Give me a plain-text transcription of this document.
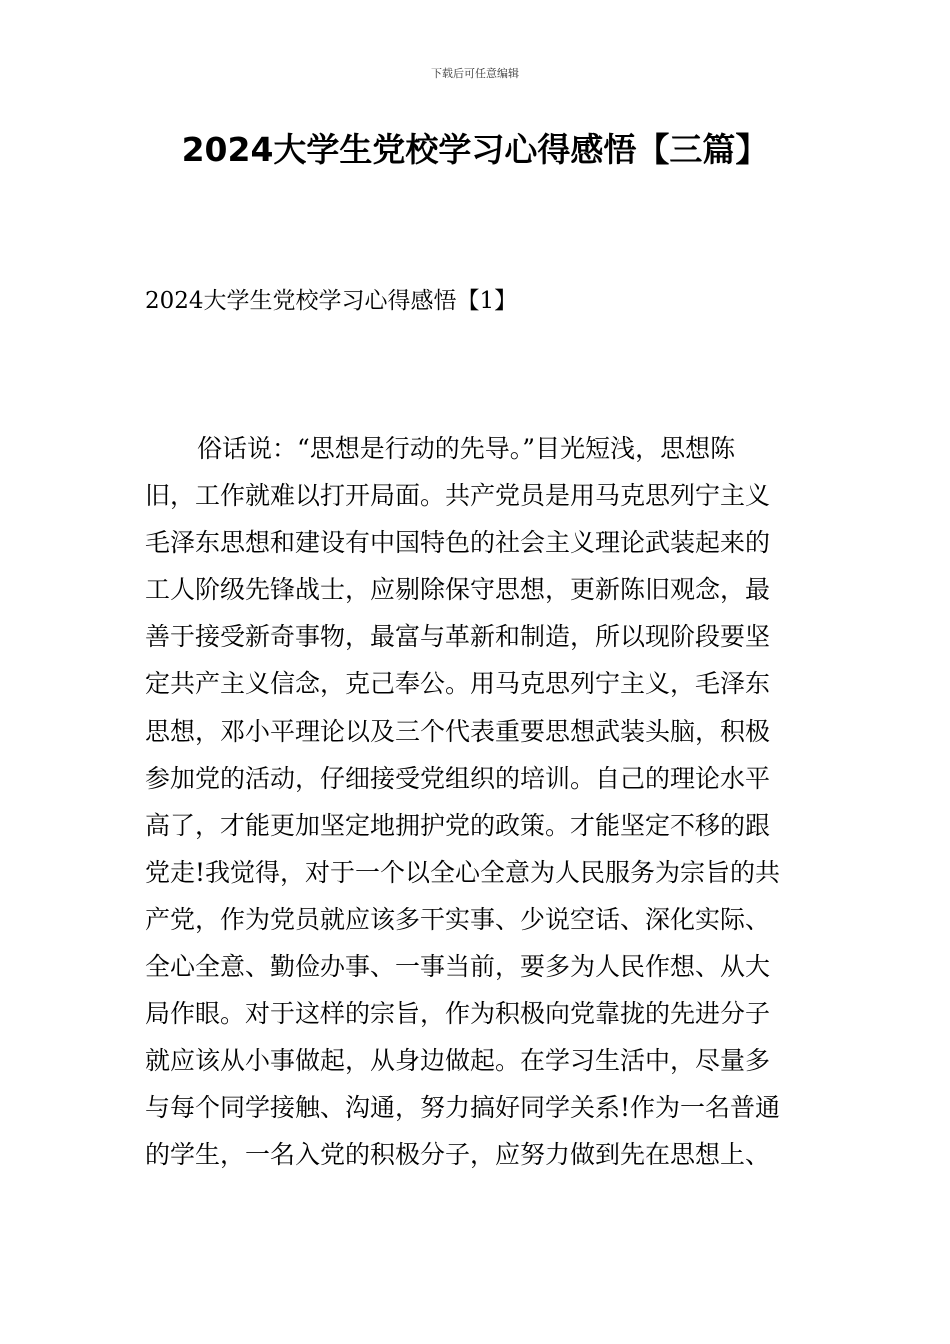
下载后可任意编辑
2024大学生党校学习心得感悟【三篇】
2024大学生党校学习心得感悟【1】
俗话说：“思想是行动的先导。”目光短浅，思想陈
旧，工作就难以打开局面。共产党员是用马克思列宁主义
毛泽东思想和建设有中国特色的社会主义理论武装起来的
工人阶级先锋战士，应剔除保守思想，更新陈旧观念，最
善于接受新奇事物，最富与革新和制造，所以现阶段要坚
定共产主义信念，克己奉公。用马克思列宁主义，毛泽东
思想，邓小平理论以及三个代表重要思想武装头脑，积极
参加党的活动，仔细接受党组织的培训。自己的理论水平
高了，才能更加坚定地拥护党的政策。才能坚定不移的跟
党走!我觉得，对于一个以全心全意为人民服务为宗旨的共
产党，作为党员就应该多干实事、少说空话、深化实际、
全心全意、勤俭办事、一事当前，要多为人民作想、从大
局作眼。对于这样的宗旨，作为积极向党靠拢的先进分子
就应该从小事做起，从身边做起。在学习生活中，尽量多
与每个同学接触、沟通，努力搞好同学关系!作为一名普通
的学生，一名入党的积极分子，应努力做到先在思想上、
